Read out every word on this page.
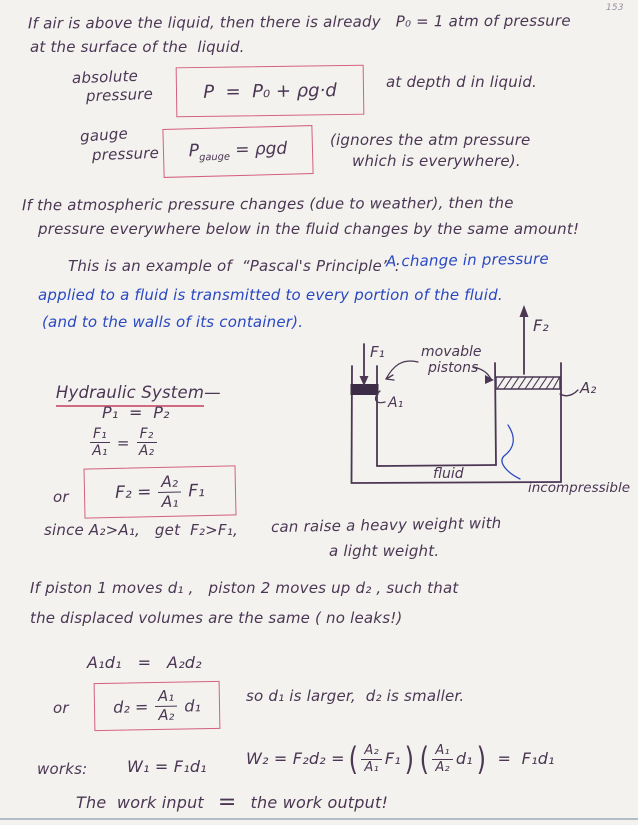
153
If air is above the liquid, then there is already   P₀ = 1 atm of pressure
at the surface of the  liquid.
absolute
pressure	P  =  P₀ + ρg·d	at depth d in liquid.
gauge
pressure $P_{gauge} = \rho gd$	(ignores the atm pressure
which is everywhere).
If the atmospheric pressure changes (due to weather), then the
pressure everywhere below in the fluid changes by the same amount!
This is an example of  “Pascal's Principle” :
A change in pressure
applied to a fluid is transmitted to every portion of the fluid.
(and to the walls of its container).

Hydraulic System—

P₁  =  P₂
$\frac{\text{F₁}}{\text{A₁}} = \frac{\text{F₂}}{\text{A₂}}$
or	$F_2 = \frac{\text{A₂}}{\text{A₁}} F_1$
since A₂>A₁,   get  F₂>F₁, can raise a heavy weight with
a light weight.
If piston 1 moves d₁ ,   piston 2 moves up d₂ , such that
the displaced volumes are the same ( no leaks!)
A₁d₁   =   A₂d₂
or	$d_2 = \frac{\text{A₁}}{\text{A₂}} d_1$	so d₁ is larger,  d₂ is smaller.
works: W₁ = F₁d₁ W₂ = F₂d₂ = ( $\frac{\text{A₂}}{\text{A₁}} F_1$ ) ( $\frac{\text{A₁}}{\text{A₂}} d_1$ ) =  F₁d₁
The  work input = the work output!
F₁
F₂
A₁
A₂
movable
pistons
fluid
incompressible
